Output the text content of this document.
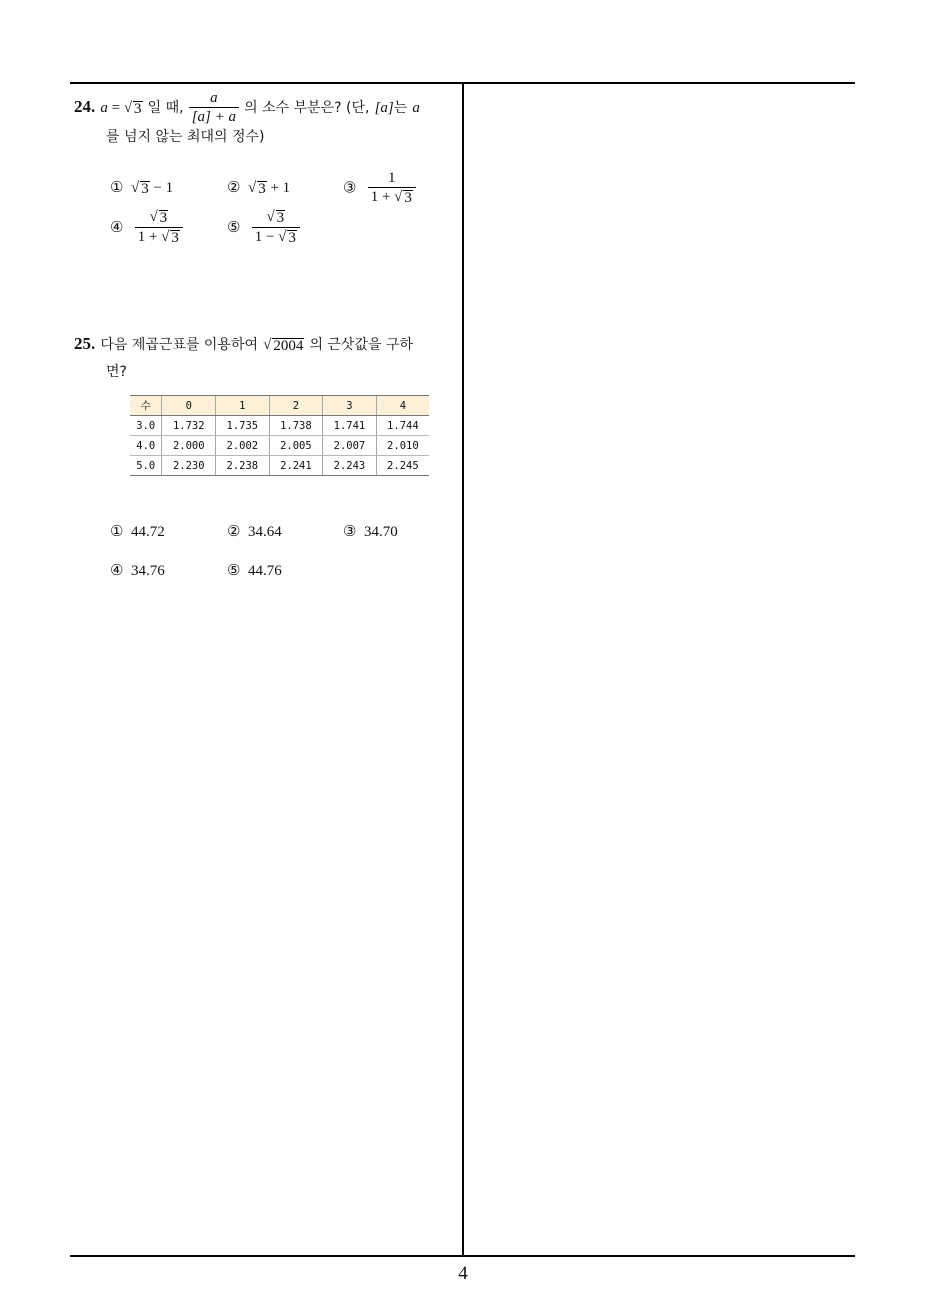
24. a = √ 3 일 때, $\frac{a}{[a] + a}$ 의 소수 부분은? (단, [a]는 a
를 넘지 않는 최대의 정수)
① √ 3 − 1	② √ 3 + 1	③ $\frac{1}{1 + √ 3}$
④ $\frac{√ 3}{1 + √ 3}$	⑤ $\frac{√ 3}{1 - √ 3}$
25. 다음 제곱근표를 이용하여 √ 2004 의 근삿값을 구하
면?
수	0	1	2	3	4
3.0	1.732	1.735	1.738	1.741	1.744
4.0	2.000	2.002	2.005	2.007	2.010
5.0	2.230	2.238	2.241	2.243	2.245
① 44.72	② 34.64	③ 34.70
④ 34.76	⑤ 44.76
4
